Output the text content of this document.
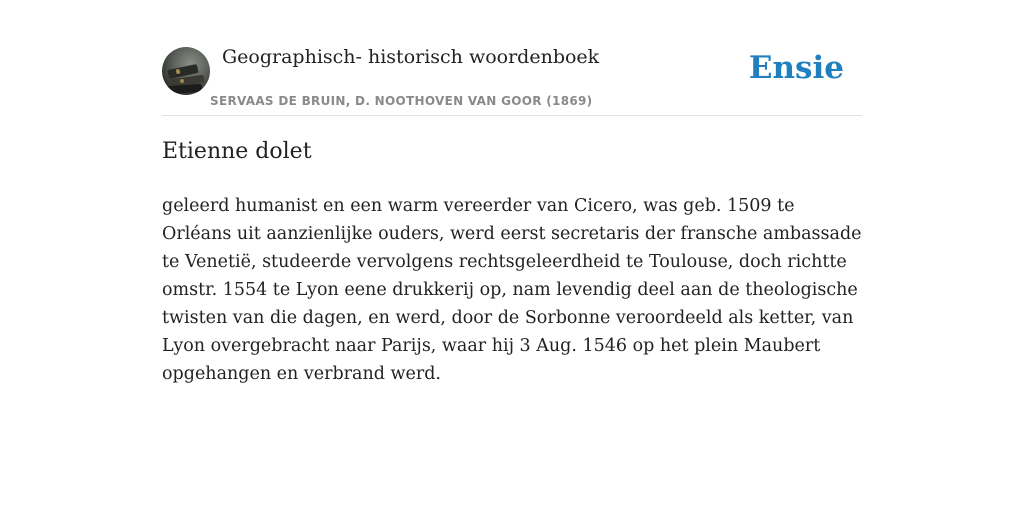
Geographisch- historisch woordenboek
SERVAAS DE BRUIN, D. NOOTHOVEN VAN GOOR (1869)
Ensie
Etienne dolet

geleerd humanist en een warm vereerder van Cicero, was geb. 1509 te Orléans uit aanzienlijke ouders, werd eerst secretaris der fransche ambassade te Venetië, studeerde vervolgens rechtsgeleerdheid te Toulouse, doch richtte omstr. 1554 te Lyon eene drukkerij op, nam levendig deel aan de theologische twisten van die dagen, en werd, door de Sorbonne veroordeeld als ketter, van Lyon overgebracht naar Parijs, waar hij 3 Aug. 1546 op het plein Maubert opgehangen en verbrand werd.
